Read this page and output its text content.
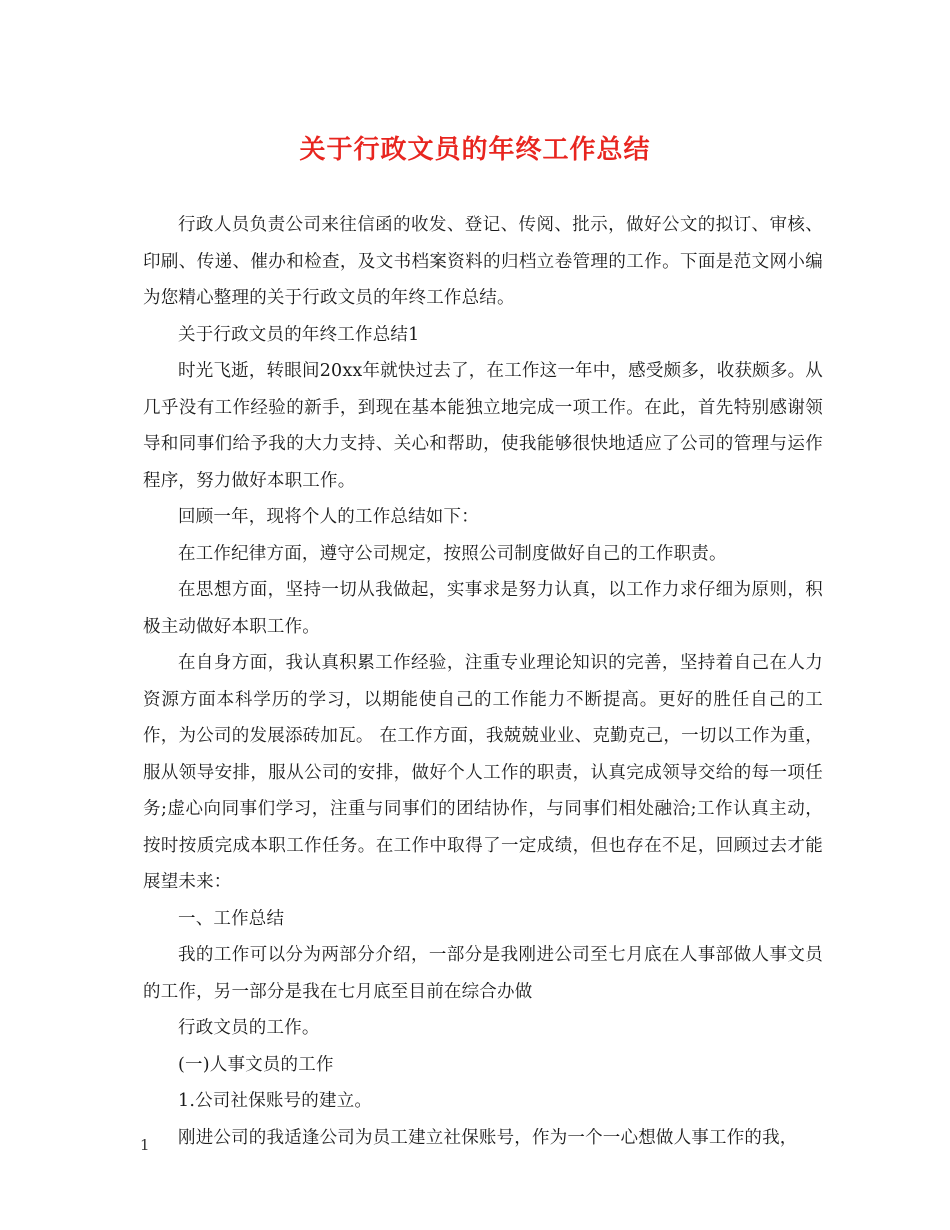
关于行政文员的年终工作总结

行政人员负责公司来往信函的收发、登记、传阅、批示，做好公文的拟订、审核、印刷、传递、催办和检查，及文书档案资料的归档立卷管理的工作。下面是范文网小编为您精心整理的关于行政文员的年终工作总结。

关于行政文员的年终工作总结1

时光飞逝，转眼间20xx年就快过去了，在工作这一年中，感受颇多，收获颇多。从几乎没有工作经验的新手，到现在基本能独立地完成一项工作。在此，首先特别感谢领导和同事们给予我的大力支持、关心和帮助，使我能够很快地适应了公司的管理与运作程序，努力做好本职工作。

回顾一年，现将个人的工作总结如下：

在工作纪律方面，遵守公司规定，按照公司制度做好自己的工作职责。

在思想方面，坚持一切从我做起，实事求是努力认真，以工作力求仔细为原则，积极主动做好本职工作。

在自身方面，我认真积累工作经验，注重专业理论知识的完善，坚持着自己在人力资源方面本科学历的学习，以期能使自己的工作能力不断提高。更好的胜任自己的工作，为公司的发展添砖加瓦。 在工作方面，我兢兢业业、克勤克己，一切以工作为重，服从领导安排，服从公司的安排，做好个人工作的职责，认真完成领导交给的每一项任务;虚心向同事们学习，注重与同事们的团结协作，与同事们相处融洽;工作认真主动，按时按质完成本职工作任务。在工作中取得了一定成绩，但也存在不足，回顾过去才能展望未来：

一、工作总结

我的工作可以分为两部分介绍，一部分是我刚进公司至七月底在人事部做人事文员的工作，另一部分是我在七月底至目前在综合办做

行政文员的工作。

(一)人事文员的工作

1.公司社保账号的建立。

刚进公司的我适逢公司为员工建立社保账号，作为一个一心想做人事工作的我，

1
